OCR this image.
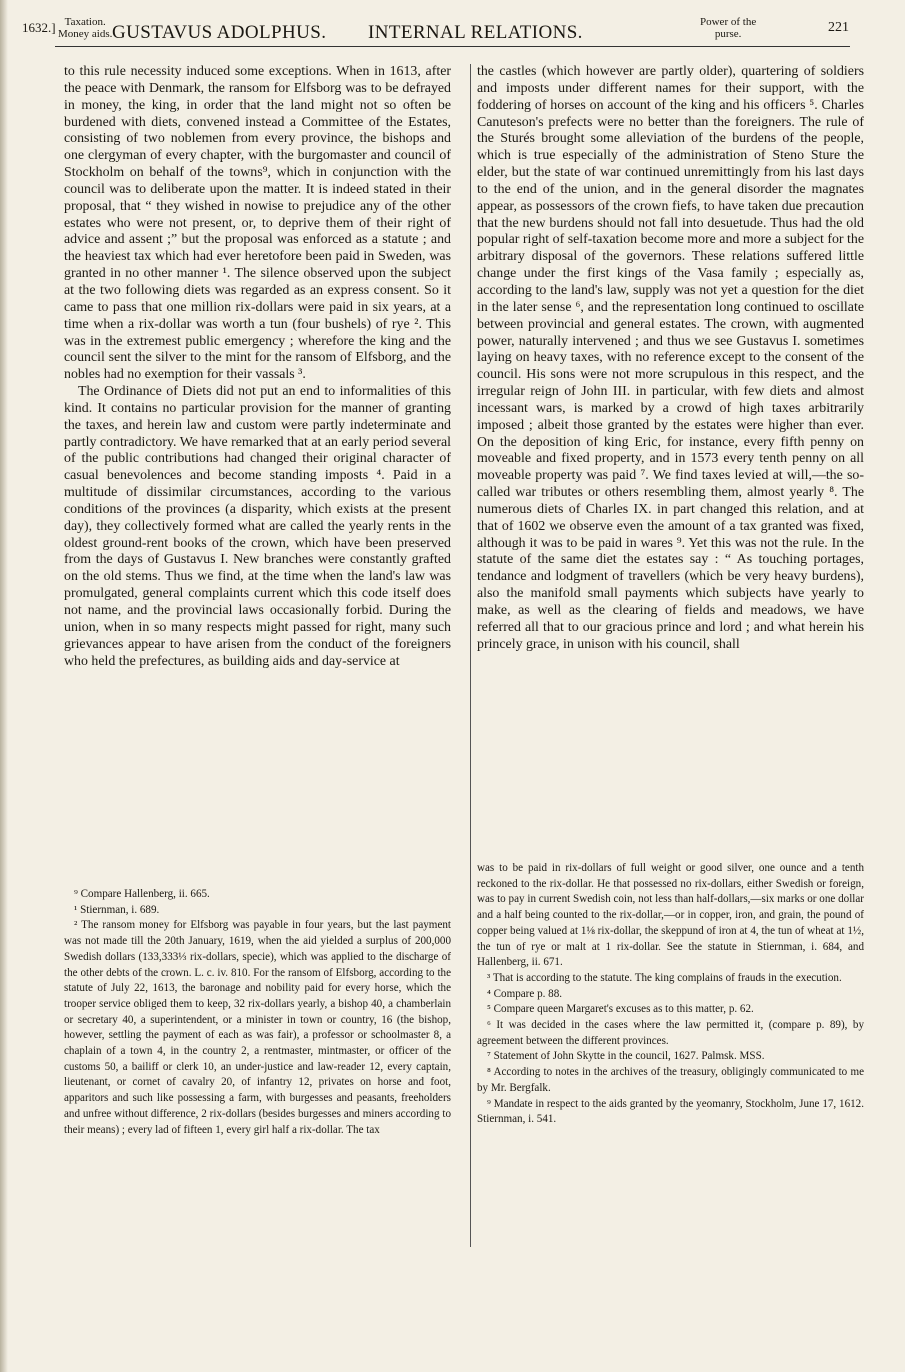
1632.] Taxation.
Money aids. GUSTAVUS ADOLPHUS. INTERNAL RELATIONS.	Power of the
purse.	221

to this rule necessity induced some exceptions. When in 1613, after the peace with Denmark, the ransom for Elfsborg was to be defrayed in money, the king, in order that the land might not so often be burdened with diets, convened instead a Committee of the Estates, consisting of two noblemen from every province, the bishops and one clergyman of every chapter, with the burgomaster and council of Stockholm on behalf of the towns⁹, which in conjunction with the council was to deliberate upon the matter. It is indeed stated in their proposal, that “ they wished in nowise to prejudice any of the other estates who were not present, or, to deprive them of their right of advice and assent ;” but the proposal was enforced as a statute ; and the heaviest tax which had ever heretofore been paid in Sweden, was granted in no other manner ¹. The silence observed upon the subject at the two following diets was regarded as an express consent. So it came to pass that one million rix-dollars were paid in six years, at a time when a rix-dollar was worth a tun (four bushels) of rye ². This was in the extremest public emergency ; wherefore the king and the council sent the silver to the mint for the ransom of Elfsborg, and the nobles had no exemption for their vassals ³.

The Ordinance of Diets did not put an end to informalities of this kind. It contains no particular provision for the manner of granting the taxes, and herein law and custom were partly indeterminate and partly contradictory. We have remarked that at an early period several of the public contributions had changed their original character of casual benevolences and become standing imposts ⁴. Paid in a multitude of dissimilar circumstances, according to the various conditions of the provinces (a disparity, which exists at the present day), they collectively formed what are called the yearly rents in the oldest ground-rent books of the crown, which have been preserved from the days of Gustavus I. New branches were constantly grafted on the old stems. Thus we find, at the time when the land's law was promulgated, general complaints current which this code itself does not name, and the provincial laws occasionally forbid. During the union, when in so many respects might passed for right, many such grievances appear to have arisen from the conduct of the foreigners who held the prefectures, as building aids and day-service at

the castles (which however are partly older), quartering of soldiers and imposts under different names for their support, with the foddering of horses on account of the king and his officers ⁵. Charles Canuteson's prefects were no better than the foreigners. The rule of the Sturés brought some alleviation of the burdens of the people, which is true especially of the administration of Steno Sture the elder, but the state of war continued unremittingly from his last days to the end of the union, and in the general disorder the magnates appear, as possessors of the crown fiefs, to have taken due precaution that the new burdens should not fall into desuetude. Thus had the old popular right of self-taxation become more and more a subject for the arbitrary disposal of the governors. These relations suffered little change under the first kings of the Vasa family ; especially as, according to the land's law, supply was not yet a question for the diet in the later sense ⁶, and the representation long continued to oscillate between provincial and general estates. The crown, with augmented power, naturally intervened ; and thus we see Gustavus I. sometimes laying on heavy taxes, with no reference except to the consent of the council. His sons were not more scrupulous in this respect, and the irregular reign of John III. in particular, with few diets and almost incessant wars, is marked by a crowd of high taxes arbitrarily imposed ; albeit those granted by the estates were higher than ever. On the deposition of king Eric, for instance, every fifth penny on moveable and fixed property, and in 1573 every tenth penny on all moveable property was paid ⁷. We find taxes levied at will,—the so-called war tributes or others resembling them, almost yearly ⁸. The numerous diets of Charles IX. in part changed this relation, and at that of 1602 we observe even the amount of a tax granted was fixed, although it was to be paid in wares ⁹. Yet this was not the rule. In the statute of the same diet the estates say : “ As touching portages, tendance and lodgment of travellers (which be very heavy burdens), also the manifold small payments which subjects have yearly to make, as well as the clearing of fields and meadows, we have referred all that to our gracious prince and lord ; and what herein his princely grace, in unison with his council, shall

⁹ Compare Hallenberg, ii. 665.

¹ Stiernman, i. 689.

² The ransom money for Elfsborg was payable in four years, but the last payment was not made till the 20th January, 1619, when the aid yielded a surplus of 200,000 Swedish dollars (133,333⅓ rix-dollars, specie), which was applied to the discharge of the other debts of the crown. L. c. iv. 810. For the ransom of Elfsborg, according to the statute of July 22, 1613, the baronage and nobility paid for every horse, which the trooper service obliged them to keep, 32 rix-dollars yearly, a bishop 40, a chamberlain or secretary 40, a superintendent, or a minister in town or country, 16 (the bishop, however, settling the payment of each as was fair), a professor or schoolmaster 8, a chaplain of a town 4, in the country 2, a rentmaster, mintmaster, or officer of the customs 50, a bailiff or clerk 10, an under-justice and law-reader 12, every captain, lieutenant, or cornet of cavalry 20, of infantry 12, privates on horse and foot, apparitors and such like possessing a farm, with burgesses and peasants, freeholders and unfree without difference, 2 rix-dollars (besides burgesses and miners according to their means) ; every lad of fifteen 1, every girl half a rix-dollar. The tax

was to be paid in rix-dollars of full weight or good silver, one ounce and a tenth reckoned to the rix-dollar. He that possessed no rix-dollars, either Swedish or foreign, was to pay in current Swedish coin, not less than half-dollars,—six marks or one dollar and a half being counted to the rix-dollar,—or in copper, iron, and grain, the pound of copper being valued at 1⅛ rix-dollar, the skeppund of iron at 4, the tun of wheat at 1½, the tun of rye or malt at 1 rix-dollar. See the statute in Stiernman, i. 684, and Hallenberg, ii. 671.

³ That is according to the statute. The king complains of frauds in the execution.

⁴ Compare p. 88.

⁵ Compare queen Margaret's excuses as to this matter, p. 62.

⁶ It was decided in the cases where the law permitted it, (compare p. 89), by agreement between the different provinces.

⁷ Statement of John Skytte in the council, 1627. Palmsk. MSS.

⁸ According to notes in the archives of the treasury, obligingly communicated to me by Mr. Bergfalk.

⁹ Mandate in respect to the aids granted by the yeomanry, Stockholm, June 17, 1612. Stiernman, i. 541.
